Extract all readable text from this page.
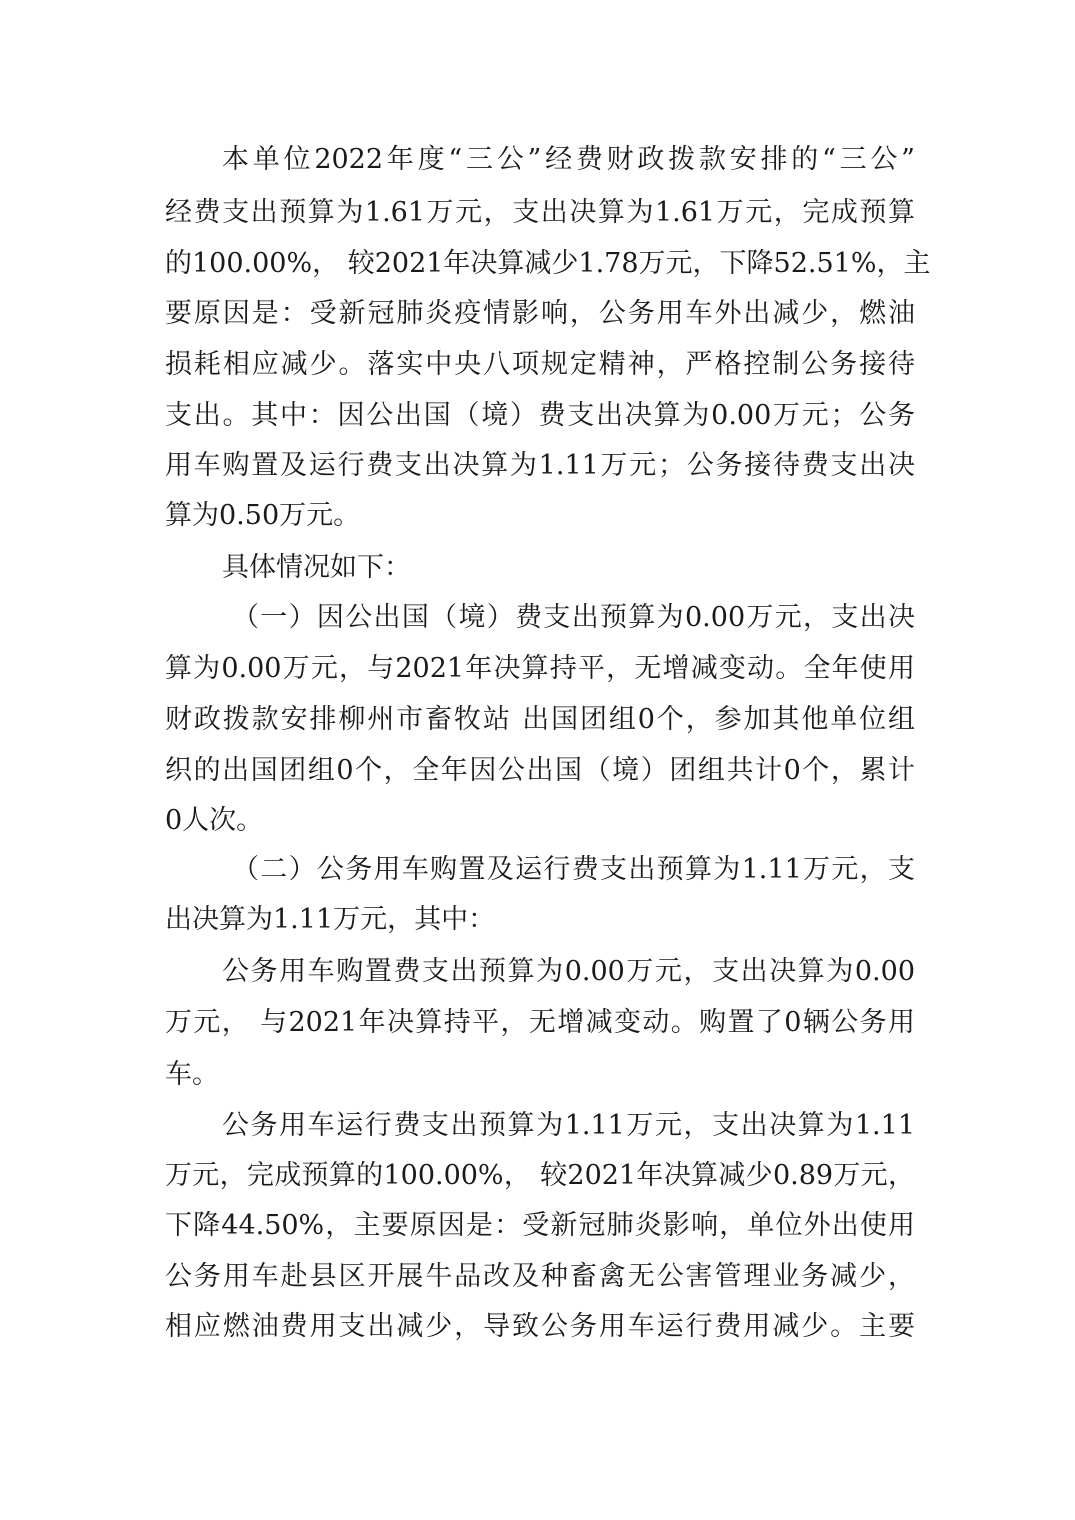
本单位2022年度“三公”经费财政拨款安排的“三公”
经费支出预算为1.61万元，支出决算为1.61万元，完成预算
的100.00%， 较2021年决算减少1.78万元，下降52.51%，主
要原因是：受新冠肺炎疫情影响，公务用车外出减少，燃油
损耗相应减少。落实中央八项规定精神，严格控制公务接待
支出。其中：因公出国（境）费支出决算为0.00万元；公务
用车购置及运行费支出决算为1.11万元；公务接待费支出决
算为0.50万元。
具体情况如下：
（一）因公出国（境）费支出预算为0.00万元，支出决
算为0.00万元，与2021年决算持平，无增减变动。全年使用
财政拨款安排柳州市畜牧站 出国团组0个，参加其他单位组
织的出国团组0个，全年因公出国（境）团组共计0个，累计
0人次。
（二）公务用车购置及运行费支出预算为1.11万元，支
出决算为1.11万元，其中：
公务用车购置费支出预算为0.00万元，支出决算为0.00
万元， 与2021年决算持平，无增减变动。购置了0辆公务用
车。
公务用车运行费支出预算为1.11万元，支出决算为1.11
万元，完成预算的100.00%， 较2021年决算减少0.89万元，
下降44.50%，主要原因是：受新冠肺炎影响，单位外出使用
公务用车赴县区开展牛品改及种畜禽无公害管理业务减少，
相应燃油费用支出减少，导致公务用车运行费用减少。主要
